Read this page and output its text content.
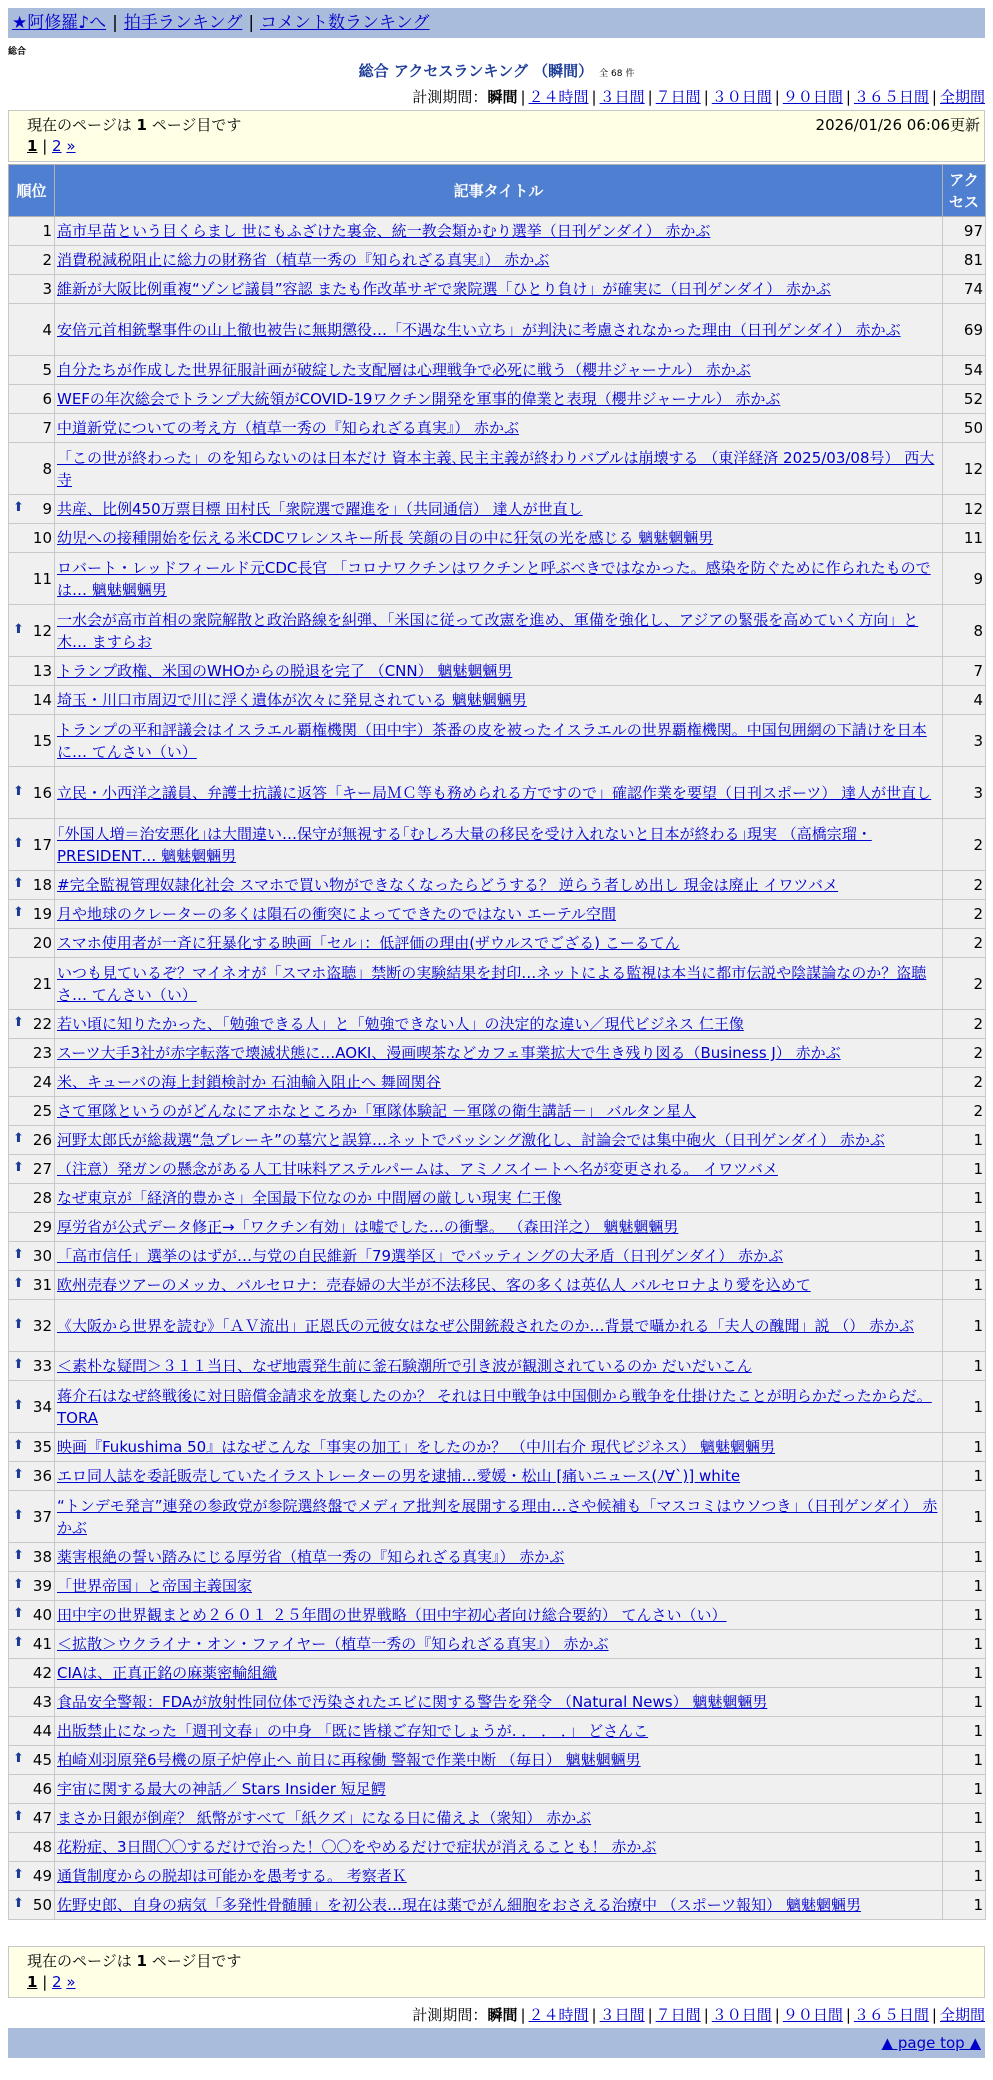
★阿修羅♪へ | 拍手ランキング | コメント数ランキング
総合
総合 アクセスランキング （瞬間） 全 68 件
計測期間：瞬間 | ２４時間 | ３日間 | ７日間 | ３０日間 | ９０日間 | ３６５日間 | 全期間
現在のページは 1 ページ目です	2026/01/26 06:06更新
1 | 2 »
順位	記事タイトル	アクセス
1	高市早苗という目くらまし 世にもふざけた裏金、統一教会類かむり選挙（日刊ゲンダイ） 赤かぶ	97
2	消費税減税阻止に総力の財務省（植草一秀の『知られざる真実』） 赤かぶ	81
3	維新が大阪比例重複“ゾンビ議員”容認 またも作改革サギで衆院選「ひとり負け」が確実に（日刊ゲンダイ） 赤かぶ	74
4	安倍元首相銃撃事件の山上徹也被告に無期懲役…「不遇な生い立ち」が判決に考慮されなかった理由（日刊ゲンダイ） 赤かぶ	69
5	自分たちが作成した世界征服計画が破綻した支配層は心理戦争で必死に戦う（櫻井ジャーナル） 赤かぶ	54
6	WEFの年次総会でトランプ大統領がCOVID-19ワクチン開発を軍事的偉業と表現（櫻井ジャーナル） 赤かぶ	52
7	中道新党についての考え方（植草一秀の『知られざる真実』） 赤かぶ	50
8	「この世が終わった」のを知らないのは日本だけ 資本主義､民主主義が終わりバブルは崩壊する （東洋経済 2025/03/08号） 西大寺	12

⬆ 9	共産、比例450万票目標 田村氏「衆院選で躍進を」（共同通信） 達人が世直し	12
10	幼児への接種開始を伝える米CDCワレンスキー所長 笑顔の目の中に狂気の光を感じる 魑魅魍魎男	11
11	ロバート・レッドフィールド元CDC長官 「コロナワクチンはワクチンと呼ぶべきではなかった。感染を防ぐために作られたものでは… 魑魅魍魎男	9

⬆ 12	一水会が高市首相の衆院解散と政治路線を糾弾、「米国に従って改憲を進め、軍備を強化し、アジアの緊張を高めていく方向」と木… ますらお	8
13	トランプ政権、米国のWHOからの脱退を完了 （CNN） 魑魅魍魎男	7
14	埼玉・川口市周辺で川に浮く遺体が次々に発見されている 魑魅魍魎男	4
15	トランプの平和評議会はイスラエル覇権機関（田中宇）茶番の皮を被ったイスラエルの世界覇権機関。中国包囲網の下請けを日本に… てんさい（い）	3

⬆ 16	立民・小西洋之議員、弁護士抗議に返答「キー局ＭＣ等も務められる方ですので」確認作業を要望（日刊スポーツ） 達人が世直し	3

⬆ 17	｢外国人増＝治安悪化｣は大間違い…保守が無視する｢むしろ大量の移民を受け入れないと日本が終わる｣現実 （高橋宗瑠・PRESIDENT… 魑魅魍魎男	2

⬆ 18	#完全監視管理奴隷化社会 スマホで買い物ができなくなったらどうする？ 逆らう者しめ出し 現金は廃止 イワツバメ	2

⬆ 19	月や地球のクレーターの多くは隕石の衝突によってできたのではない エーテル空間	2
20	スマホ使用者が一斉に狂暴化する映画「セル」：低評価の理由(ザウルスでござる) こーるてん	2
21	いつも見ているぞ？マイネオが「スマホ盗聴」禁断の実験結果を封印…ネットによる監視は本当に都市伝説や陰謀論なのか？盗聴さ… てんさい（い）	2

⬆ 22	若い頃に知りたかった、「勉強できる人」と「勉強できない人」の決定的な違い／現代ビジネス 仁王像	2
23	スーツ大手3社が赤字転落で壊滅状態に…AOKI、漫画喫茶などカフェ事業拡大で生き残り図る（Business J） 赤かぶ	2
24	米、キューバの海上封鎖検討か 石油輸入阻止へ 舞岡関谷	2
25	さて軍隊というのがどんなにアホなところか「軍隊体験記 －軍隊の衛生講話－」 バルタン星人	2

⬆ 26	河野太郎氏が総裁選“急ブレーキ”の墓穴と誤算…ネットでバッシング激化し、討論会では集中砲火（日刊ゲンダイ） 赤かぶ	1

⬆ 27	（注意）発ガンの懸念がある人工甘味料アステルパームは、アミノスイートへ名が変更される。 イワツバメ	1
28	なぜ東京が「経済的豊かさ」全国最下位なのか 中間層の厳しい現実 仁王像	1
29	厚労省が公式データ修正→「ワクチン有効」は嘘でした…の衝撃。 （森田洋之） 魑魅魍魎男	1

⬆ 30	「高市信任」選挙のはずが…与党の自民維新「79選挙区」でバッティングの大矛盾（日刊ゲンダイ） 赤かぶ	1

⬆ 31	欧州売春ツアーのメッカ、バルセロナ：売春婦の大半が不法移民、客の多くは英仏人 バルセロナより愛を込めて	1

⬆ 32	《大阪から世界を読む》「ＡＶ流出」正恩氏の元彼女はなぜ公開銃殺されたのか…背景で囁かれる「夫人の醜聞」説 （） 赤かぶ	1

⬆ 33	＜素朴な疑問＞３１１当日、なぜ地震発生前に釜石験潮所で引き波が観測されているのか だいだいこん	1

⬆ 34	蒋介石はなぜ終戦後に対日賠償金請求を放棄したのか？ それは日中戦争は中国側から戦争を仕掛けたことが明らかだったからだ。 TORA	1

⬆ 35	映画『Fukushima 50』はなぜこんな「事実の加工」をしたのか？ （中川右介 現代ビジネス） 魑魅魍魎男	1

⬆ 36	エロ同人誌を委託販売していたイラストレーターの男を逮捕…愛媛・松山 [痛いニュース(ﾉ∀`)] white	1

⬆ 37	“トンデモ発言”連発の参政党が参院選終盤でメディア批判を展開する理由…さや候補も「マスコミはウソつき」（日刊ゲンダイ） 赤かぶ	1

⬆ 38	薬害根絶の誓い踏みにじる厚労省（植草一秀の『知られざる真実』） 赤かぶ	1

⬆ 39	「世界帝国」と帝国主義国家	1

⬆ 40	田中宇の世界観まとめ２６０１ ２５年間の世界戦略（田中宇初心者向け総合要約） てんさい（い）	1

⬆ 41	＜拡散＞ウクライナ・オン・ファイヤー（植草一秀の『知られざる真実』） 赤かぶ	1
42	CIAは、正真正銘の麻薬密輸組織	1
43	食品安全警報：FDAが放射性同位体で汚染されたエビに関する警告を発令 （Natural News） 魑魅魍魎男	1
44	出版禁止になった「週刊文春」の中身 「既に皆様ご存知でしょうが. ． ． ．」 どさんこ	1

⬆ 45	柏崎刈羽原発6号機の原子炉停止へ 前日に再稼働 警報で作業中断 （毎日） 魑魅魍魎男	1
46	宇宙に関する最大の神話／ Stars Insider 短足鰐	1

⬆ 47	まさか日銀が倒産？ 紙幣がすべて「紙クズ」になる日に備えよ（衆知） 赤かぶ	1
48	花粉症、3日間〇〇するだけで治った！〇〇をやめるだけで症状が消えることも！ 赤かぶ	1

⬆ 49	通貨制度からの脱却は可能かを愚考する。 考察者Ｋ	1

⬆ 50	佐野史郎、自身の病気「多発性骨髄腫」を初公表…現在は薬でがん細胞をおさえる治療中 （スポーツ報知） 魑魅魍魎男	1
現在のページは 1 ページ目です
1 | 2 »
計測期間：瞬間 | ２４時間 | ３日間 | ７日間 | ３０日間 | ９０日間 | ３６５日間 | 全期間
▲ page top ▲
